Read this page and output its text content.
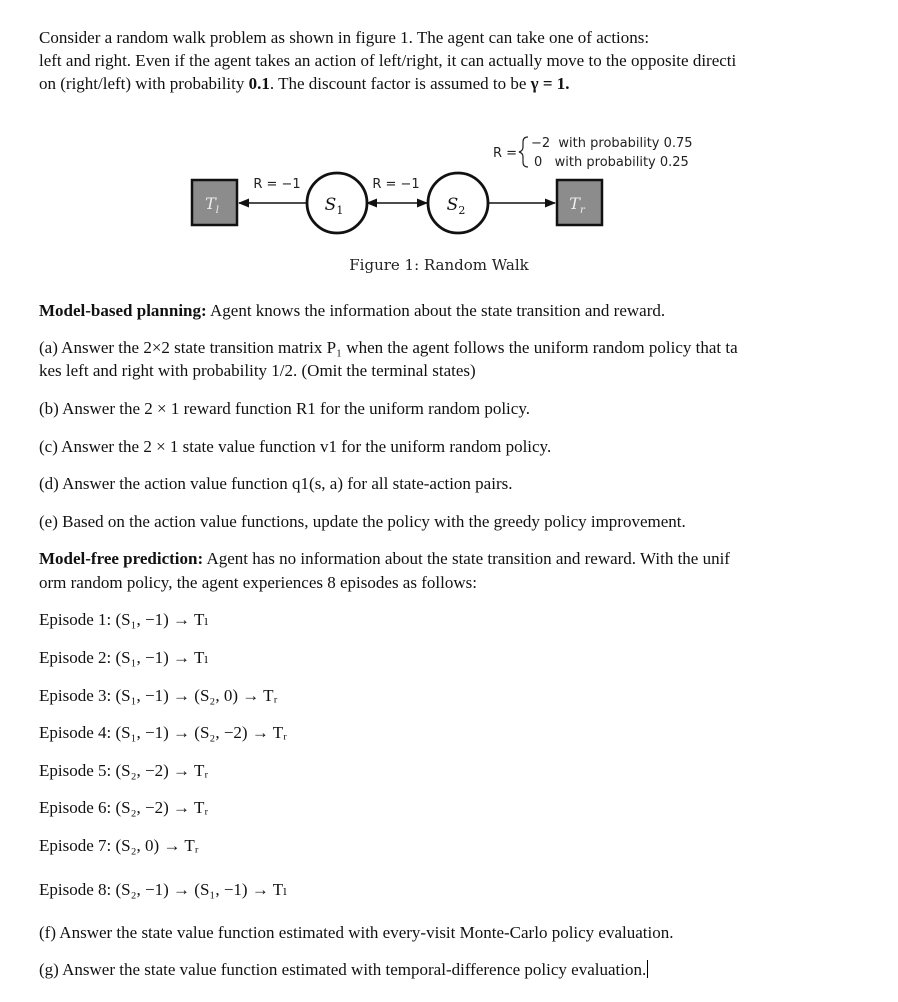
Consider a random walk problem as shown in figure 1. The agent can take one of actions:

left and right. Even if the agent takes an action of left/right, it can actually move to the opposite directi

on (right/left) with probability 0.1. The discount factor is assumed to be γ = 1.

$T_l$	$T_r$
$S_1$	$S_2$
R = −1	R = −1
R =
−2  with probability 0.75
0   with probability 0.25
Figure 1: Random Walk

Model-based planning: Agent knows the information about the state transition and reward.

(a) Answer the 2×2 state transition matrix P₁ when the agent follows the uniform random policy that ta

kes left and right with probability 1/2. (Omit the terminal states)

(b) Answer the 2 × 1 reward function R1 for the uniform random policy.

(c) Answer the 2 × 1 state value function v1 for the uniform random policy.

(d) Answer the action value function q1(s, a) for all state-action pairs.

(e) Based on the action value functions, update the policy with the greedy policy improvement.

Model-free prediction: Agent has no information about the state transition and reward. With the unif

orm random policy, the agent experiences 8 episodes as follows:

Episode 1: (S₁, −1) → Tₗ

Episode 2: (S₁, −1) → Tₗ

Episode 3: (S₁, −1) → (S₂, 0) → Tᵣ

Episode 4: (S₁, −1) → (S₂, −2) → Tᵣ

Episode 5: (S₂, −2) → Tᵣ

Episode 6: (S₂, −2) → Tᵣ

Episode 7: (S₂, 0) → Tᵣ

Episode 8: (S₂, −1) → (S₁, −1) → Tₗ

(f) Answer the state value function estimated with every-visit Monte-Carlo policy evaluation.

(g) Answer the state value function estimated with temporal-difference policy evaluation.
